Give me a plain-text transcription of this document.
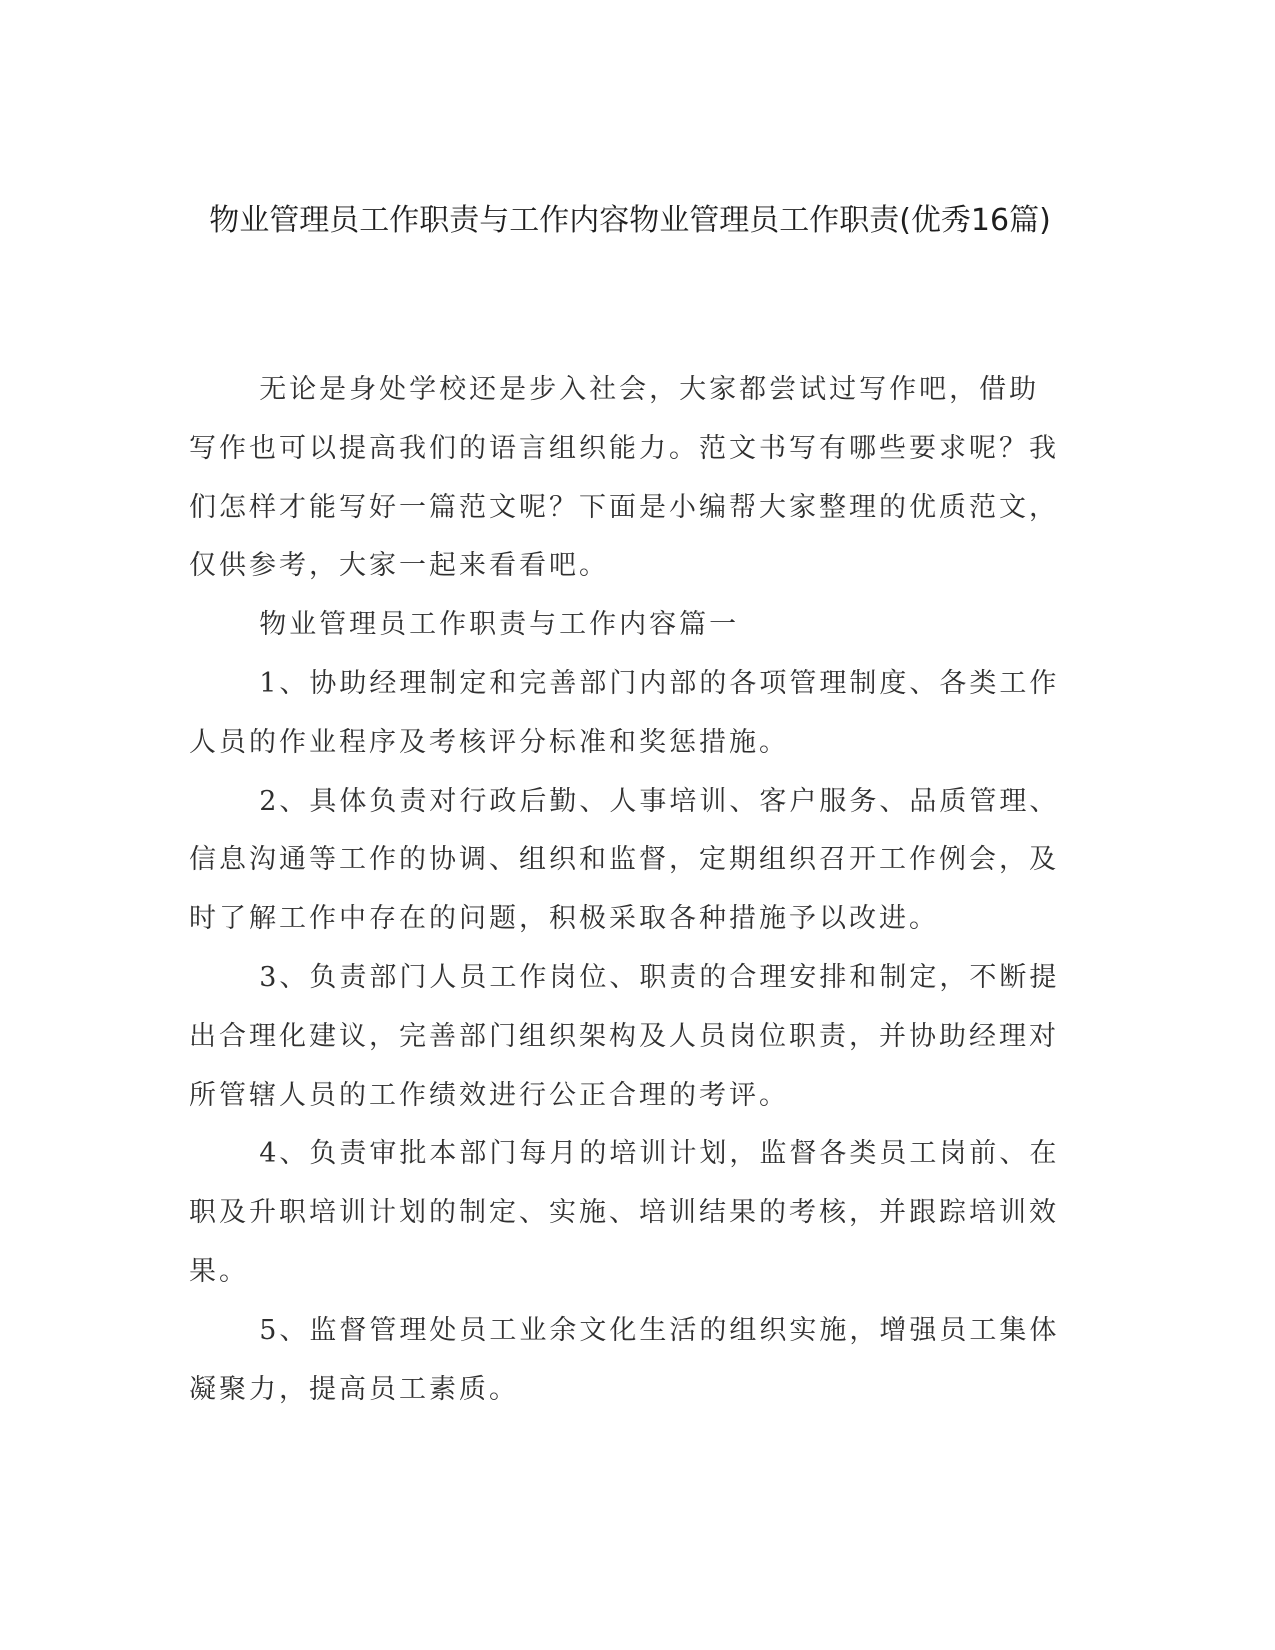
物业管理员工作职责与工作内容物业管理员工作职责(优秀16篇)

无论是身处学校还是步入社会，大家都尝试过写作吧，借助写作也可以提高我们的语言组织能力。范文书写有哪些要求呢？我们怎样才能写好一篇范文呢？下面是小编帮大家整理的优质范文，仅供参考，大家一起来看看吧。

物业管理员工作职责与工作内容篇一

1、协助经理制定和完善部门内部的各项管理制度、各类工作人员的作业程序及考核评分标准和奖惩措施。

2、具体负责对行政后勤、人事培训、客户服务、品质管理、信息沟通等工作的协调、组织和监督，定期组织召开工作例会，及时了解工作中存在的问题，积极采取各种措施予以改进。

3、负责部门人员工作岗位、职责的合理安排和制定，不断提出合理化建议，完善部门组织架构及人员岗位职责，并协助经理对所管辖人员的工作绩效进行公正合理的考评。

4、负责审批本部门每月的培训计划，监督各类员工岗前、在职及升职培训计划的制定、实施、培训结果的考核，并跟踪培训效果。

5、监督管理处员工业余文化生活的组织实施，增强员工集体凝聚力，提高员工素质。
